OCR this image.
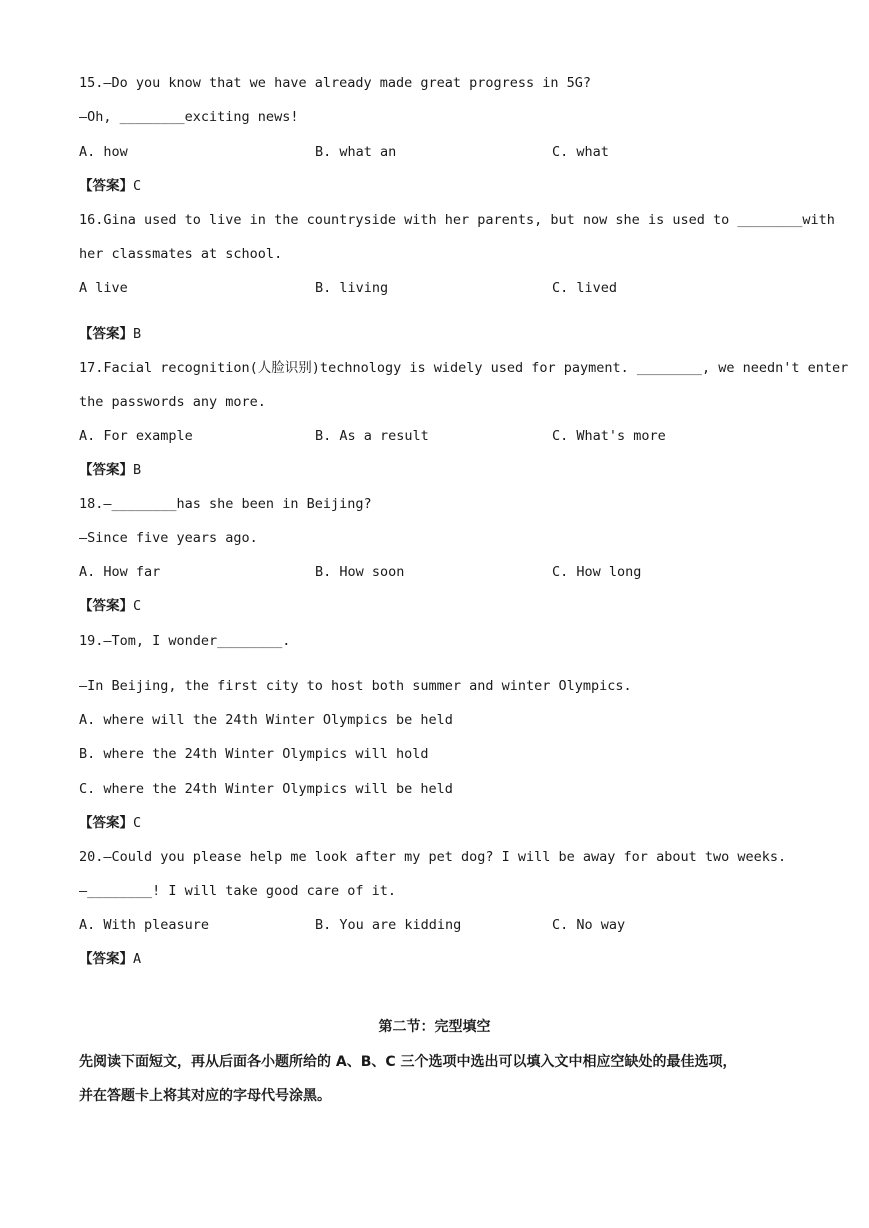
15.—Do you know that we have already made great progress in 5G?
—Oh, ________exciting news!

A. how

	B. what an

	C. what

【答案】C
16.Gina used to live in the countryside with her parents, but now she is used to ________with
her classmates at school.

A live

	B. living

	C. lived

【答案】B
17.Facial recognition(人脸识别)technology is widely used for payment. ________, we needn't enter
the passwords any more.

A. For example

	B. As a result

	C. What's more

【答案】B
18.—________has she been in Beijing?
—Since five years ago.

A. How far

	B. How soon

	C. How long

【答案】C
19.—Tom, I wonder________.
—In Beijing, the first city to host both summer and winter Olympics.
A. where will the 24th Winter Olympics be held
B. where the 24th Winter Olympics will hold
C. where the 24th Winter Olympics will be held
【答案】C
20.—Could you please help me look after my pet dog? I will be away for about two weeks.
—________! I will take good care of it.

A. With pleasure

	B. You are kidding

	C. No way

【答案】A
第二节：完型填空
先阅读下面短文，再从后面各小题所给的 A、B、C 三个选项中选出可以填入文中相应空缺处的最佳选项，
并在答题卡上将其对应的字母代号涂黑。
